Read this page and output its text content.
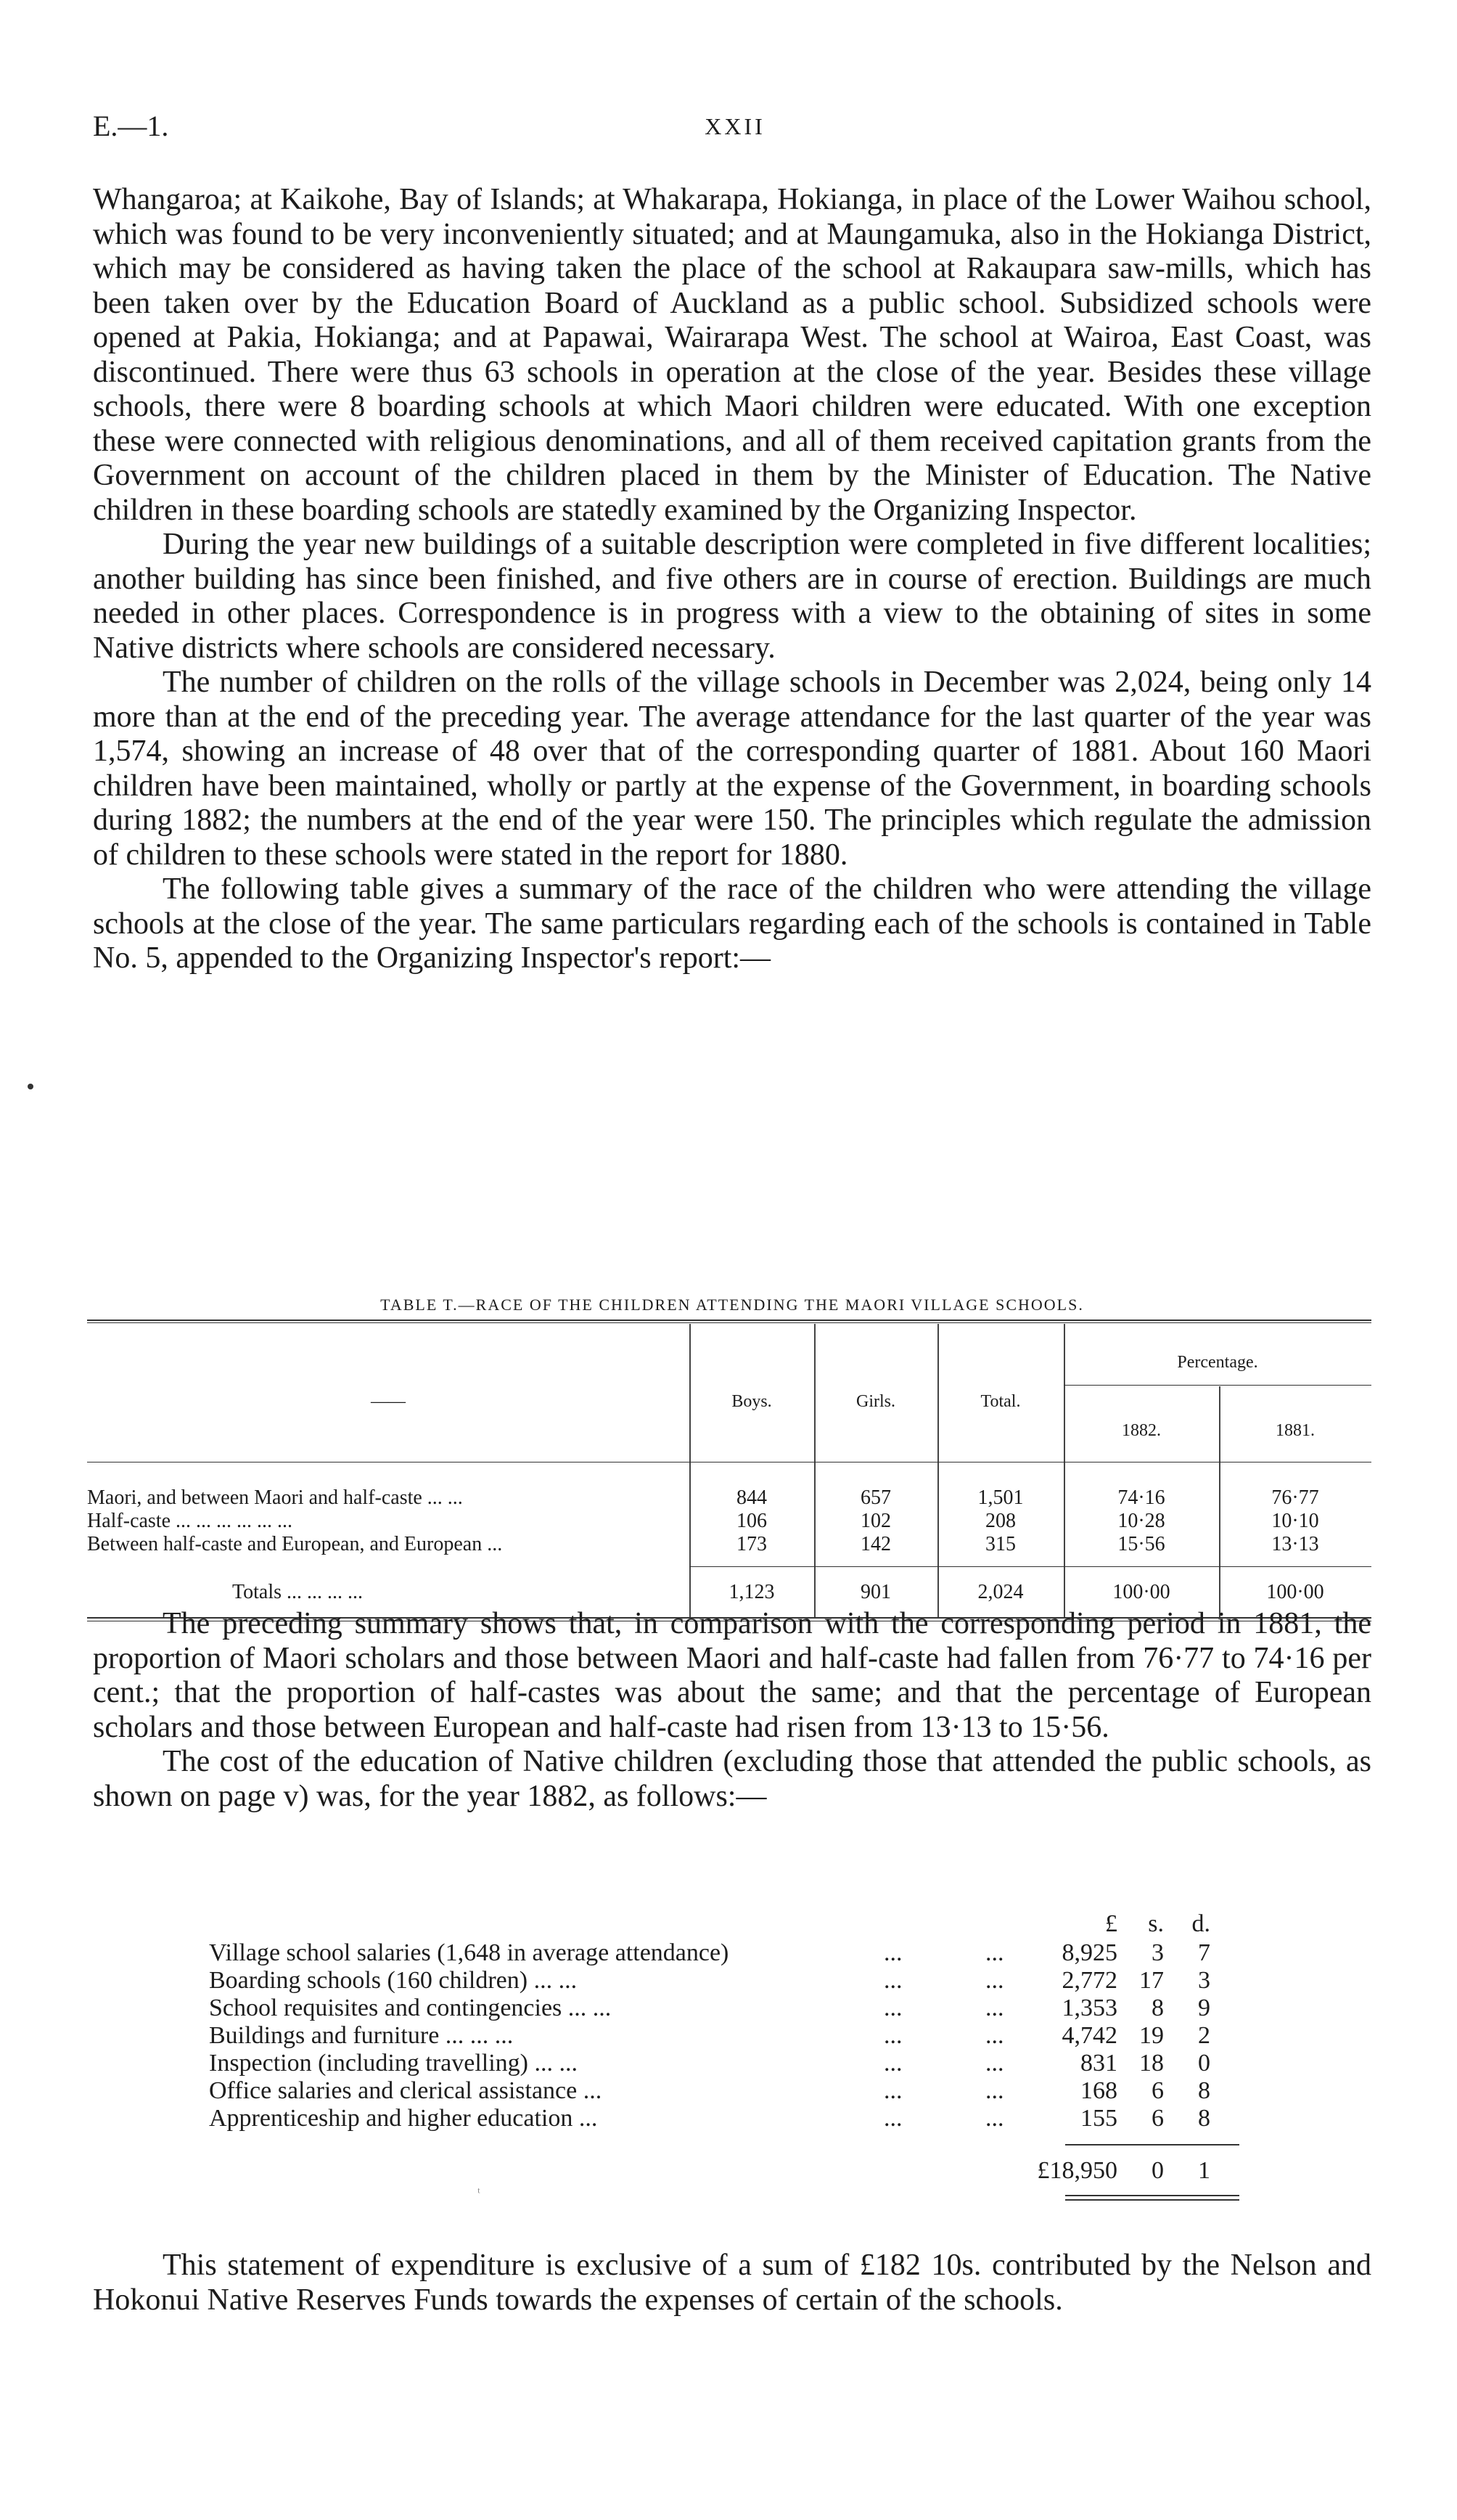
E.—1.	XXII

Whangaroa; at Kaikohe, Bay of Islands; at Whakarapa, Hokianga, in place of the Lower Waihou school, which was found to be very inconveniently situated; and at Maungamuka, also in the Hokianga District, which may be considered as having taken the place of the school at Rakaupara saw-mills, which has been taken over by the Education Board of Auckland as a public school. Subsidized schools were opened at Pakia, Hokianga; and at Papawai, Wairarapa West. The school at Wairoa, East Coast, was discontinued. There were thus 63 schools in operation at the close of the year. Besides these village schools, there were 8 boarding schools at which Maori children were educated. With one exception these were connected with religious denominations, and all of them received capitation grants from the Government on account of the children placed in them by the Minister of Education. The Native children in these boarding schools are statedly examined by the Organizing Inspector.

During the year new buildings of a suitable description were completed in five different localities; another building has since been finished, and five others are in course of erection. Buildings are much needed in other places. Correspondence is in progress with a view to the obtaining of sites in some Native districts where schools are considered necessary.

The number of children on the rolls of the village schools in December was 2,024, being only 14 more than at the end of the preceding year. The average attendance for the last quarter of the year was 1,574, showing an increase of 48 over that of the corresponding quarter of 1881. About 160 Maori children have been maintained, wholly or partly at the expense of the Government, in boarding schools during 1882; the numbers at the end of the year were 150. The principles which regulate the admission of children to these schools were stated in the report for 1880.

The following table gives a summary of the race of the children who were attending the village schools at the close of the year. The same particulars regarding each of the schools is contained in Table No. 5, appended to the Organizing Inspector's report:—

TABLE T.—RACE OF THE CHILDREN ATTENDING THE MAORI VILLAGE SCHOOLS.
——	Boys.	Girls.	Total.
Percentage.
1882.	1881.
Maori, and between Maori and half-caste ... ...	844	657	1,501	74·16	76·77
Half-caste ... ... ... ... ... ...	106	102	208	10·28	10·10
Between half-caste and European, and European ...	173	142	315	15·56	13·13
Totals ... ... ... ...	1,123	901	2,024	100·00	100·00

The preceding summary shows that, in comparison with the corresponding period in 1881, the proportion of Maori scholars and those between Maori and half-caste had fallen from 76·77 to 74·16 per cent.; that the proportion of half-castes was about the same; and that the percentage of European scholars and those between European and half-caste had risen from 13·13 to 15·56.

The cost of the education of Native children (excluding those that attended the public schools, as shown on page v) was, for the year 1882, as follows:—

£ s. d.
Village school salaries (1,648 in average attendance)	...	... 8,925 3 7
Boarding schools (160 children) ... ...	...	... 2,772 17 3
School requisites and contingencies ... ...	...	... 1,353 8 9
Buildings and furniture ... ... ...	...	... 4,742 19 2
Inspection (including travelling) ... ...	...	...	831 18 0
Office salaries and clerical assistance ...	...	...	168 6 8
Apprenticeship and higher education ...	...	...	155 6 8
£18,950 0 1
ᵗ

This statement of expenditure is exclusive of a sum of £182 10s. contributed by the Nelson and Hokonui Native Reserves Funds towards the expenses of certain of the schools.
